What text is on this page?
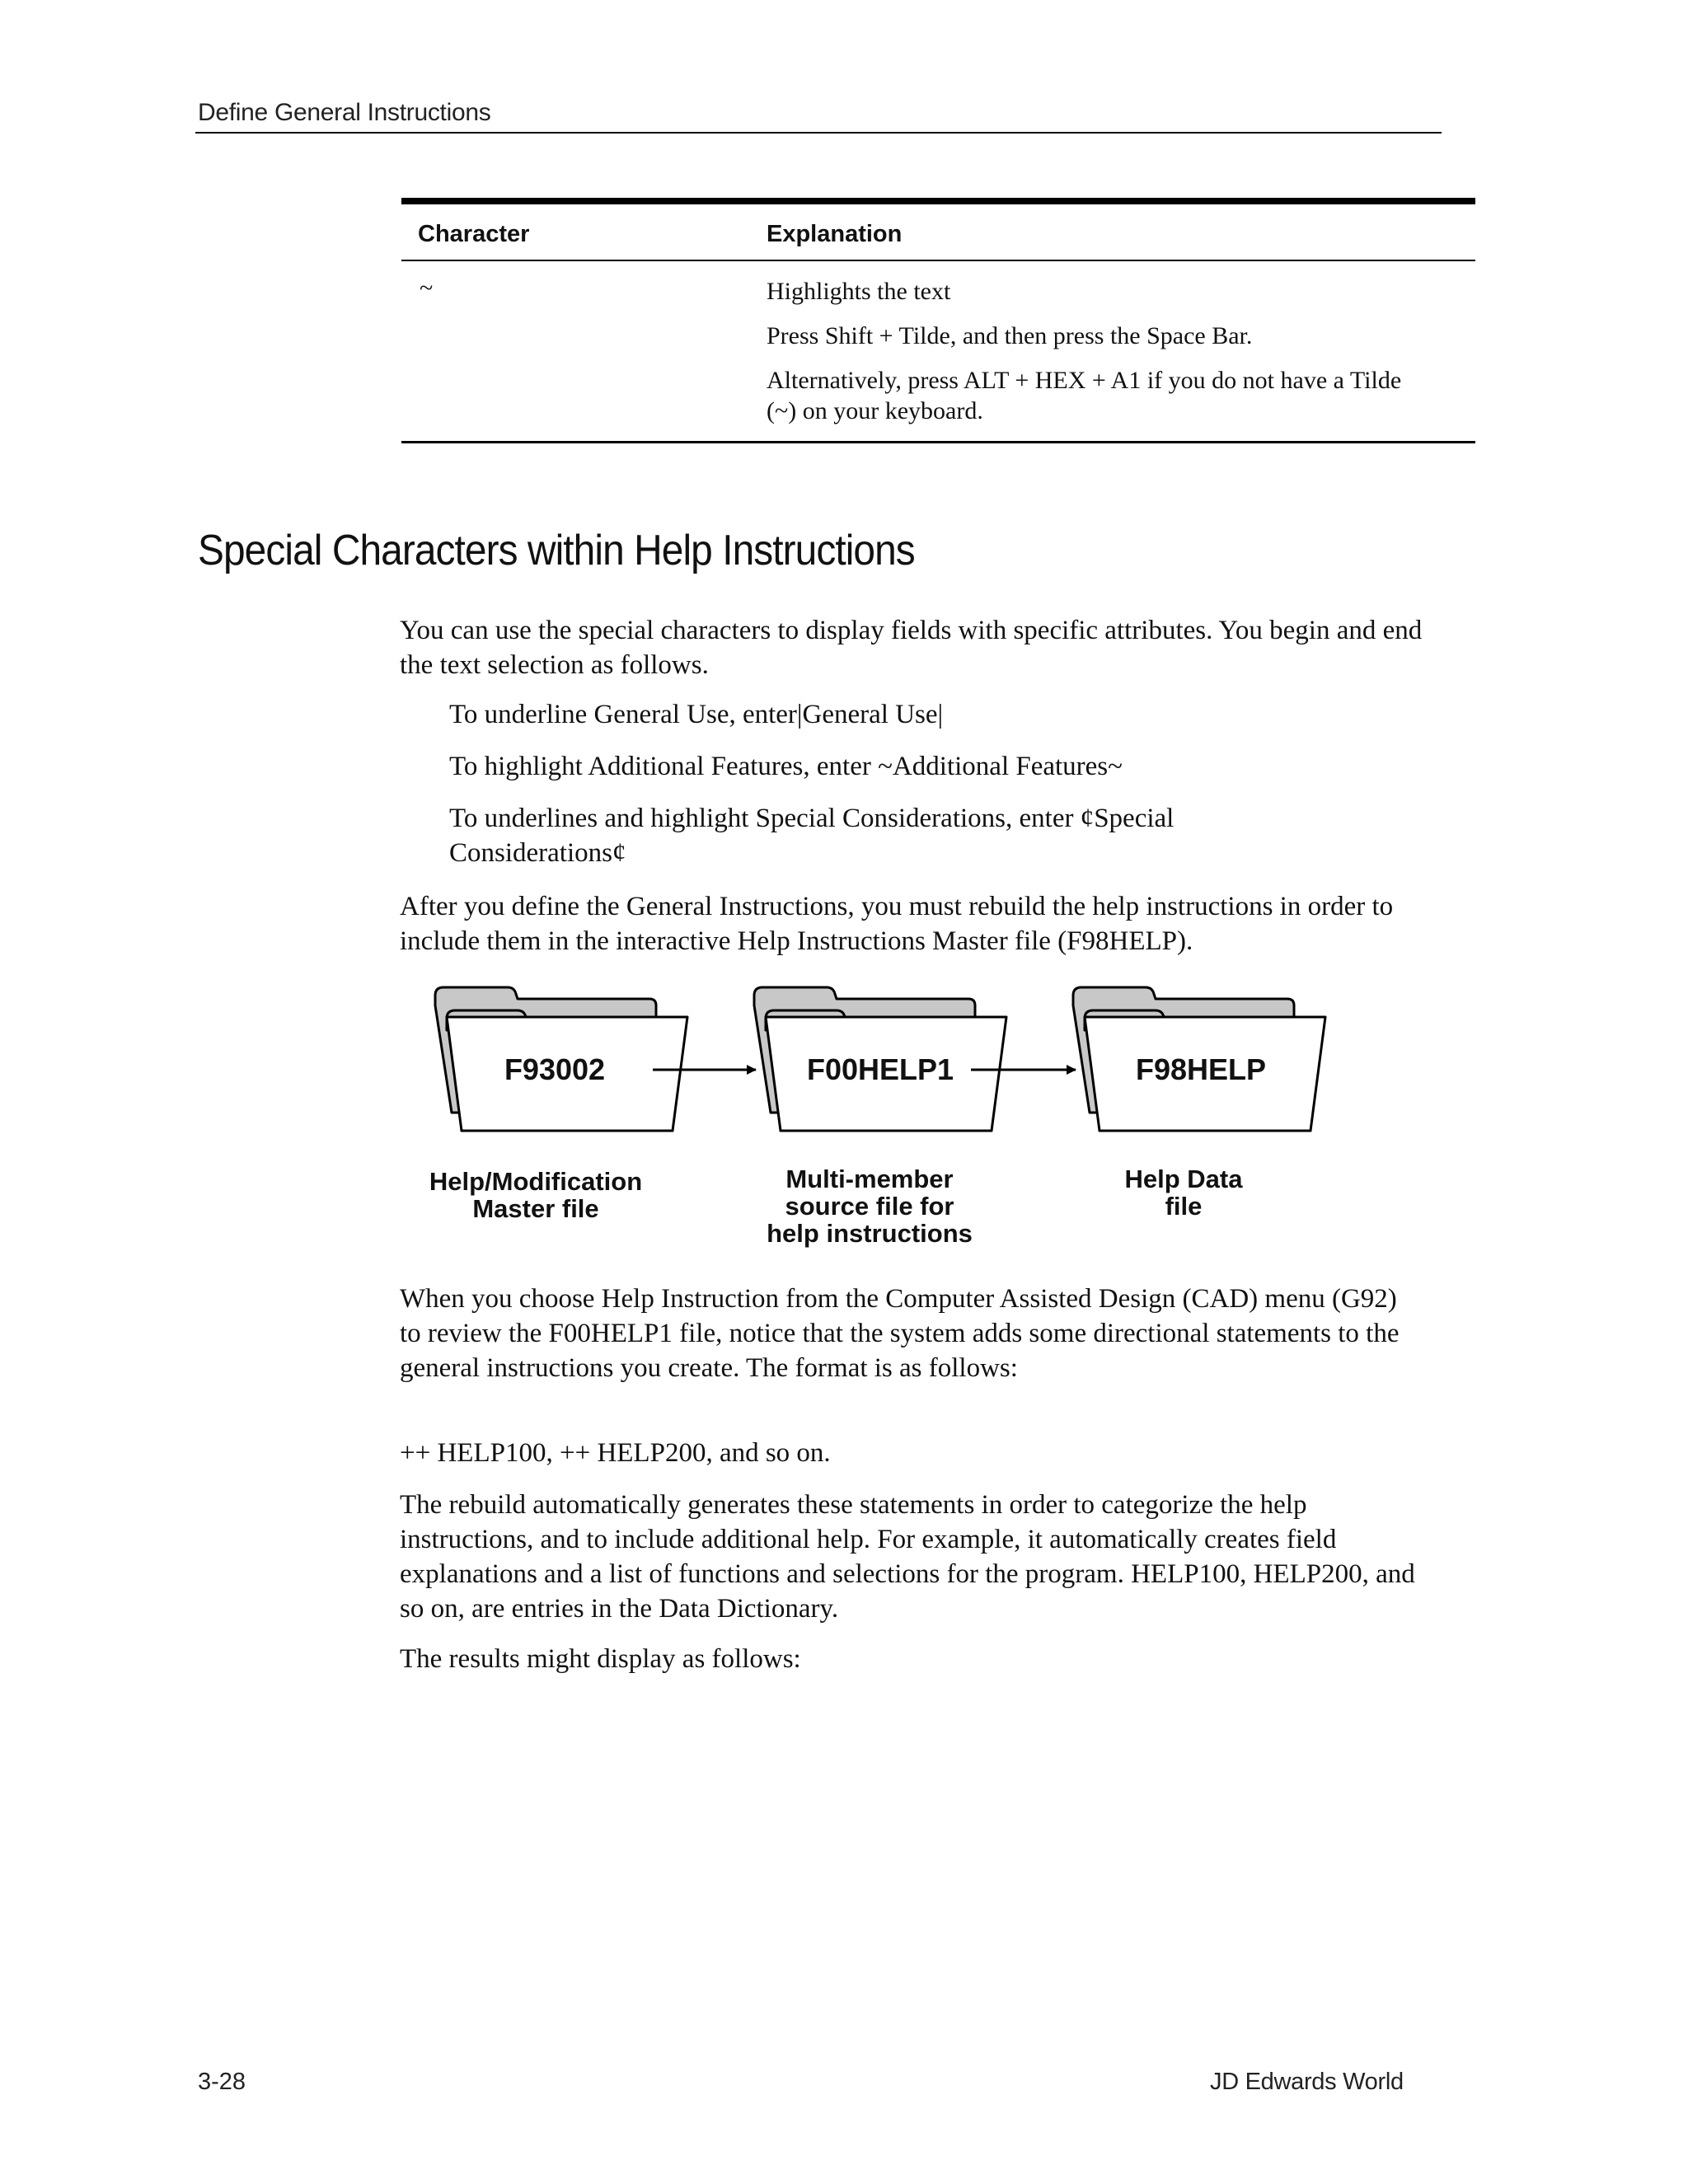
Define General Instructions
Character	Explanation
~	Highlights the text

Press Shift + Tilde, and then press the Space Bar.

Alternatively, press ALT + HEX + A1 if you do not have a Tilde (~) on your keyboard.

Special Characters within Help Instructions

You can use the special characters to display fields with specific attributes. You begin and end the text selection as follows.

To underline General Use, enter|General Use|

To highlight Additional Features, enter ~Additional Features~

To underlines and highlight Special Considerations, enter ¢Special Considerations¢

After you define the General Instructions, you must rebuild the help instructions in order to include them in the interactive Help Instructions Master file (F98HELP).

F93002	F00HELP1	F98HELP
Help/Modification
Master file
Multi-member
source file for
help instructions
Help Data
file

When you choose Help Instruction from the Computer Assisted Design (CAD) menu (G92) to review the F00HELP1 file, notice that the system adds some directional statements to the general instructions you create. The format is as follows:

++ HELP100, ++ HELP200, and so on.

The rebuild automatically generates these statements in order to categorize the help instructions, and to include additional help. For example, it automatically creates field explanations and a list of functions and selections for the program. HELP100, HELP200, and so on, are entries in the Data Dictionary.

The results might display as follows:

3-28	JD Edwards World
